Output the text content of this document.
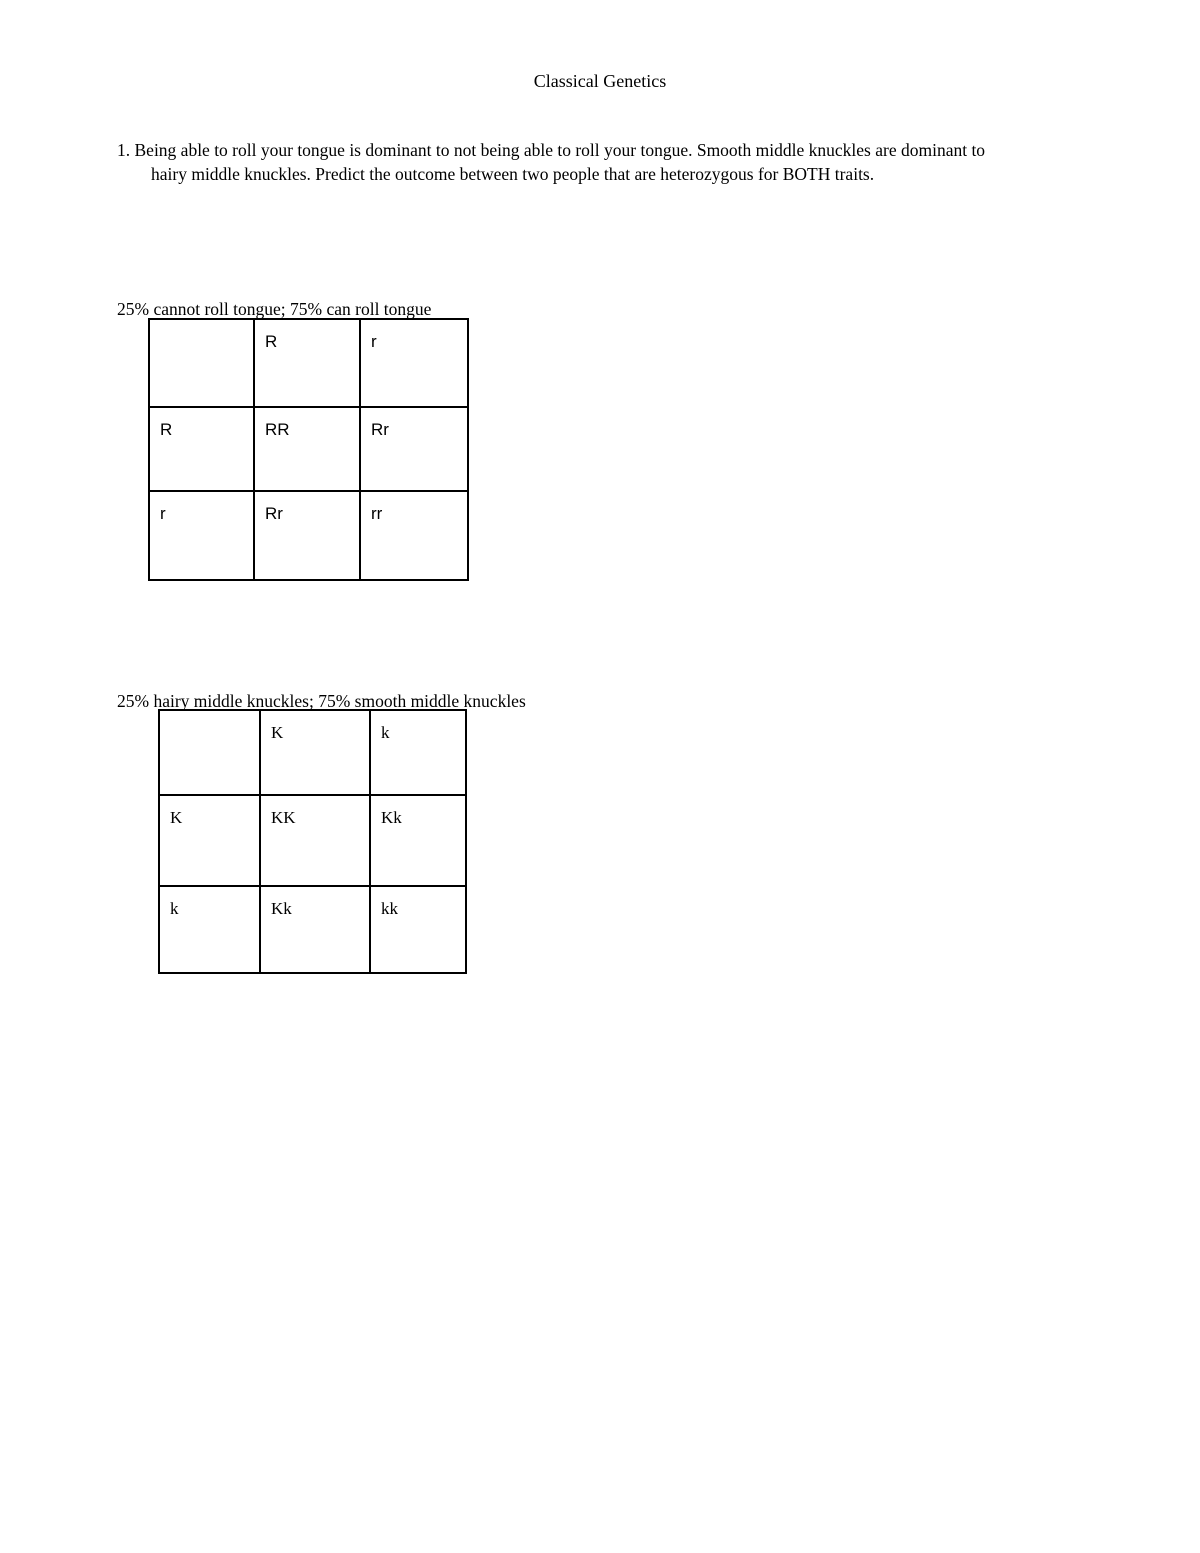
Classical Genetics
1. Being able to roll your tongue is dominant to not being able to roll your tongue. Smooth middle knuckles are dominant to
hairy middle knuckles. Predict the outcome between two people that are heterozygous for BOTH traits.
25% cannot roll tongue; 75% can roll tongue
	R	r
R	RR	Rr
r	Rr	rr
25% hairy middle knuckles; 75% smooth middle knuckles
	K	k
K	KK	Kk
k	Kk	kk
